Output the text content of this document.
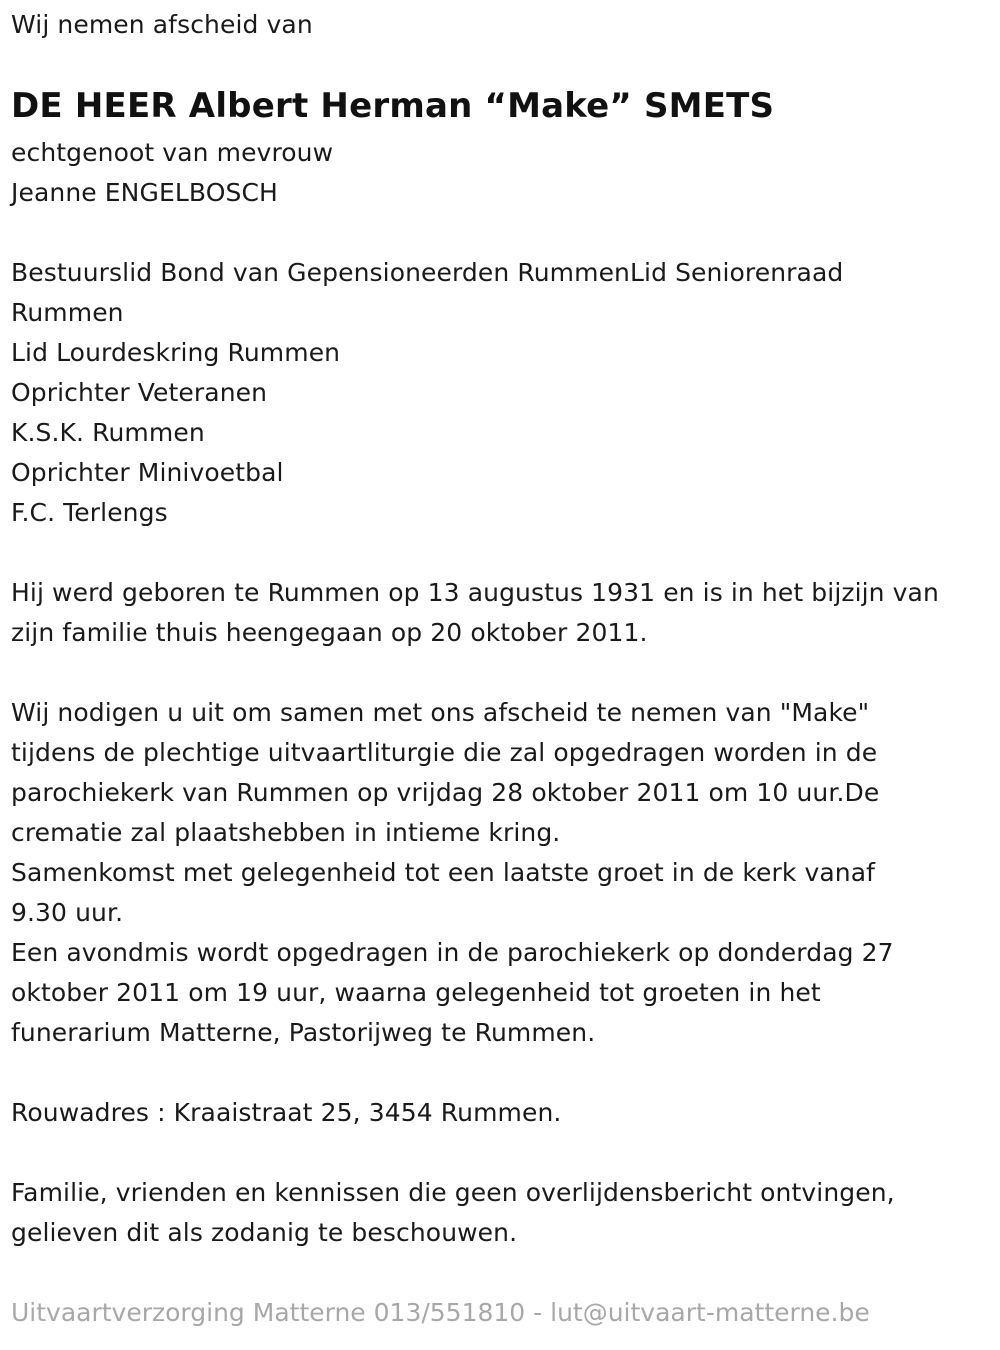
Wij nemen afscheid van
DE HEER Albert Herman “Make” SMETS
echtgenoot van mevrouw
Jeanne ENGELBOSCH
Bestuurslid Bond van Gepensioneerden RummenLid Seniorenraad
Rummen
Lid Lourdeskring Rummen
Oprichter Veteranen
K.S.K. Rummen
Oprichter Minivoetbal
F.C. Terlengs
Hij werd geboren te Rummen op 13 augustus 1931 en is in het bijzijn van
zijn familie thuis heengegaan op 20 oktober 2011.
Wij nodigen u uit om samen met ons afscheid te nemen van "Make"
tijdens de plechtige uitvaartliturgie die zal opgedragen worden in de
parochiekerk van Rummen op vrijdag 28 oktober 2011 om 10 uur.De
crematie zal plaatshebben in intieme kring.
Samenkomst met gelegenheid tot een laatste groet in de kerk vanaf
9.30 uur.
Een avondmis wordt opgedragen in de parochiekerk op donderdag 27
oktober 2011 om 19 uur, waarna gelegenheid tot groeten in het
funerarium Matterne, Pastorijweg te Rummen.
Rouwadres : Kraaistraat 25, 3454 Rummen.
Familie, vrienden en kennissen die geen overlijdensbericht ontvingen,
gelieven dit als zodanig te beschouwen.
Uitvaartverzorging Matterne 013/551810 - lut@uitvaart-matterne.be
